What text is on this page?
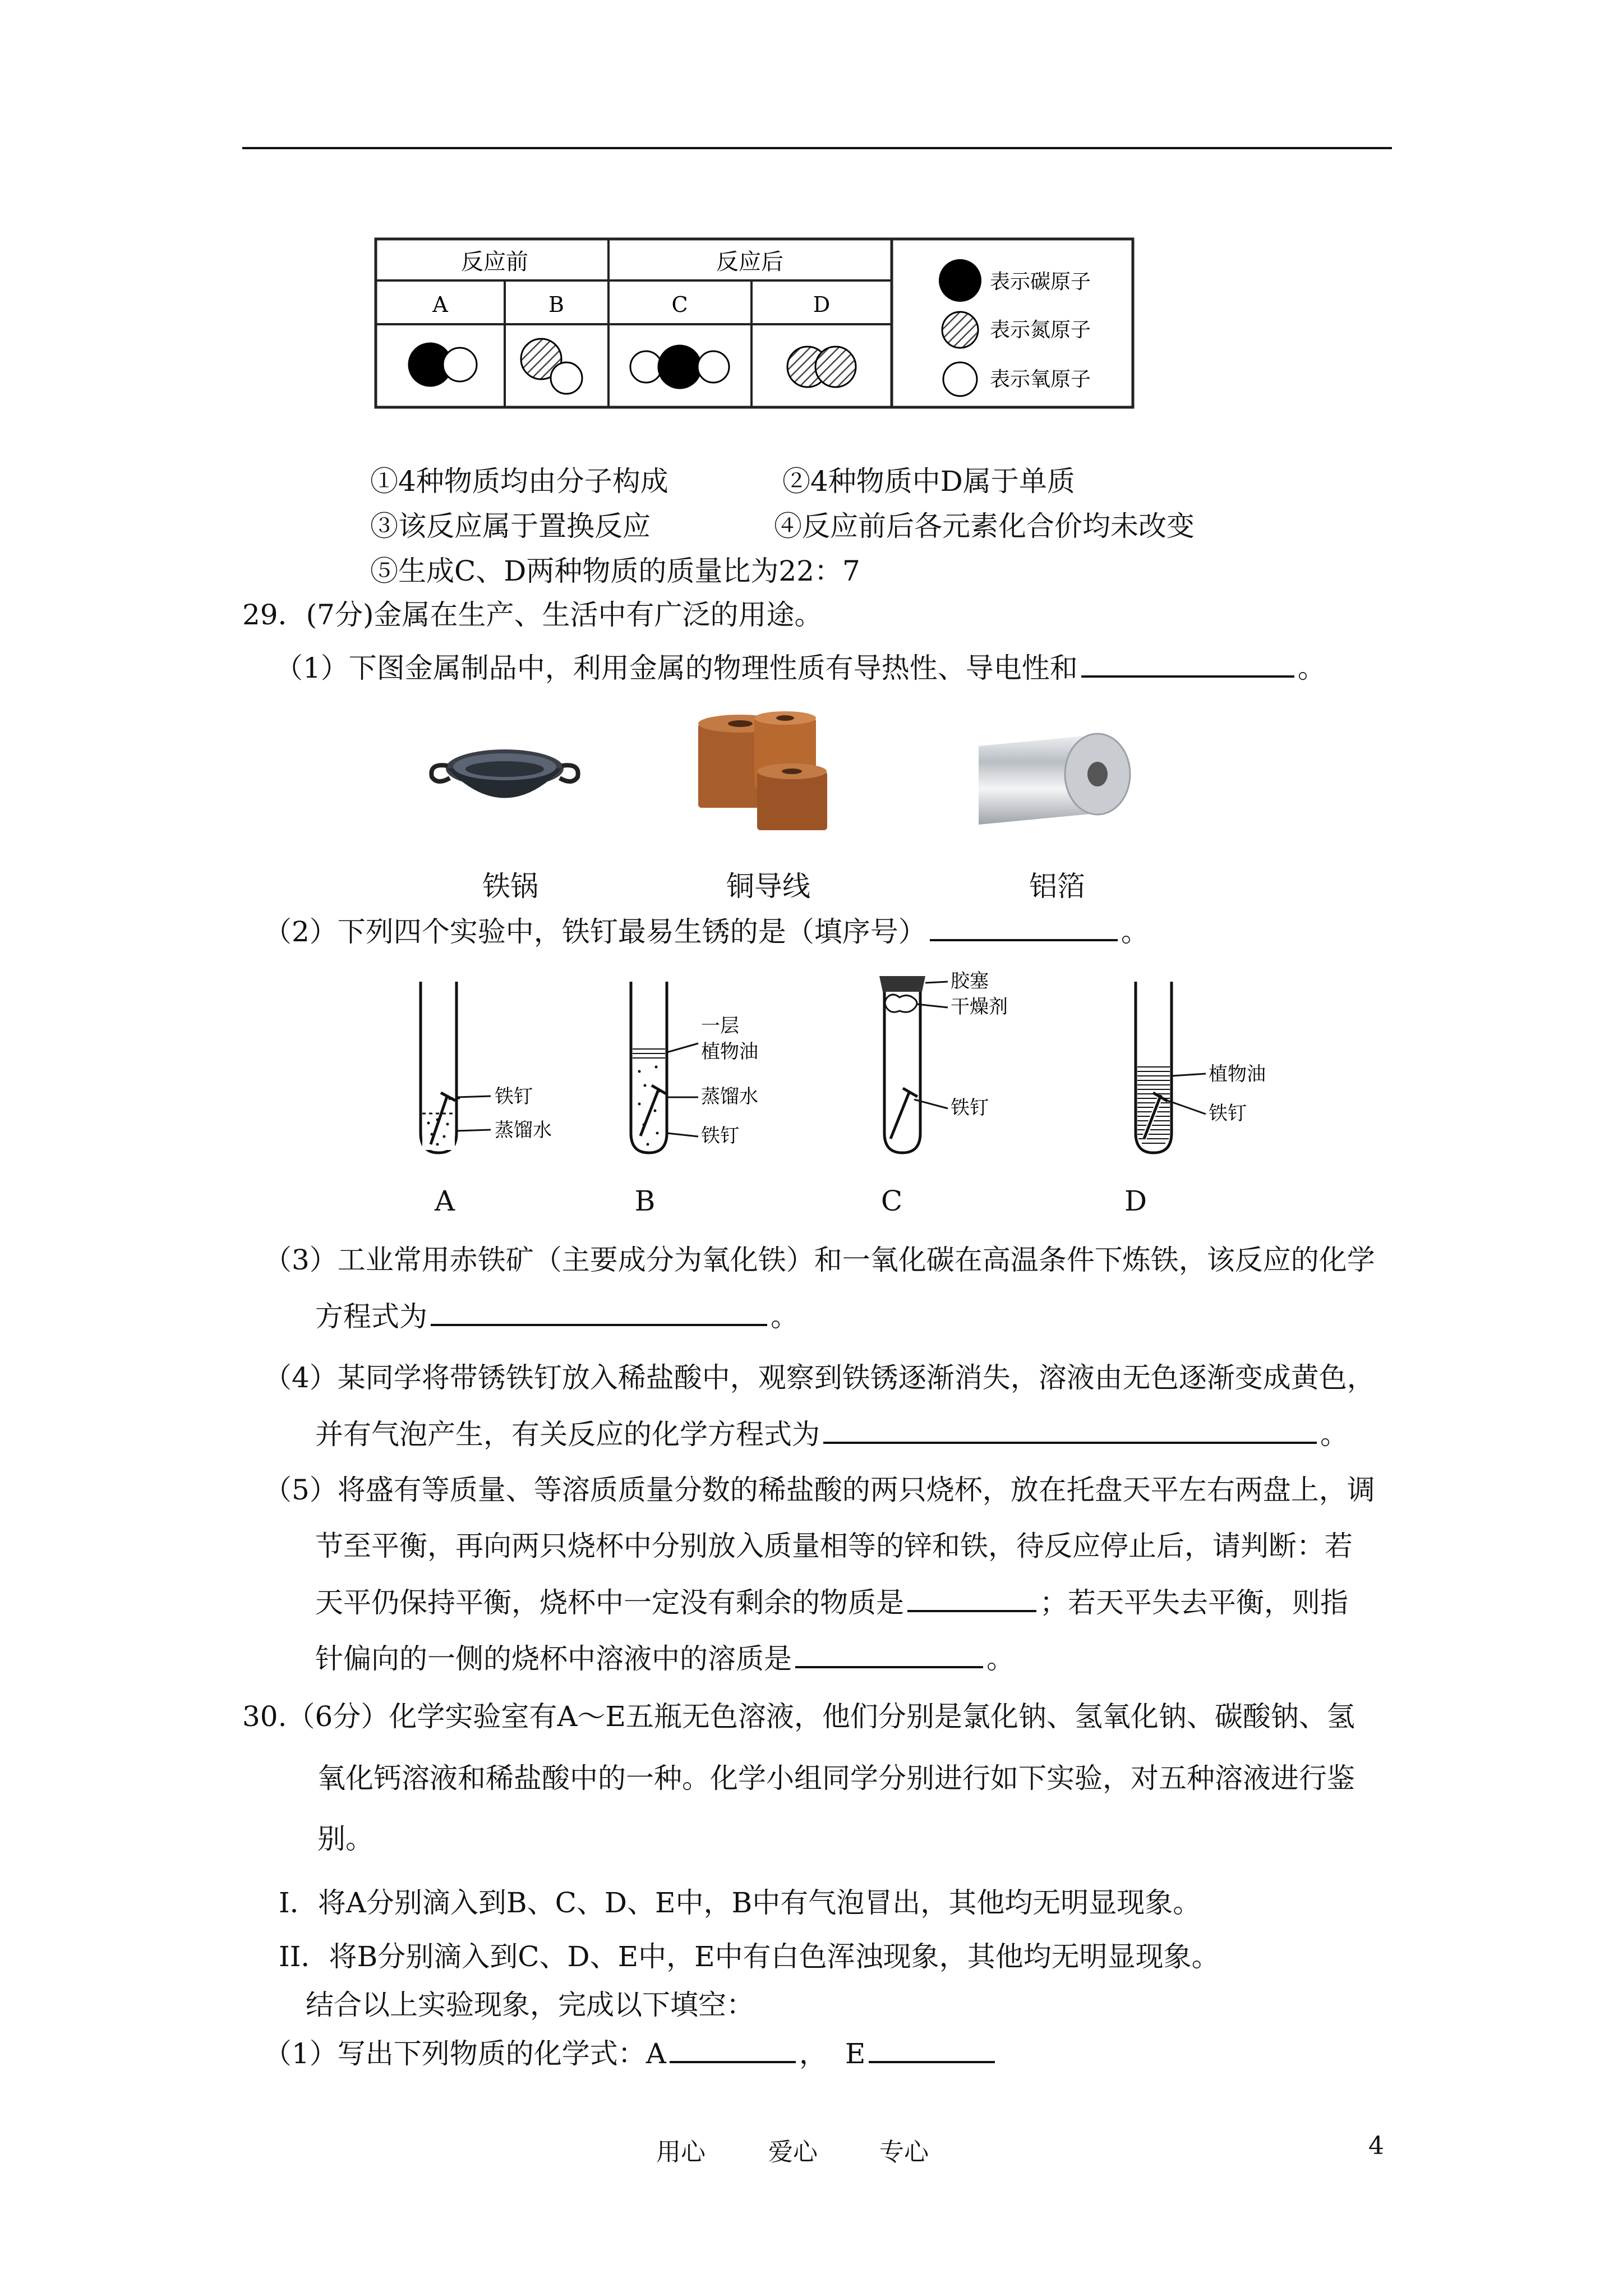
反应前	反应后
A	B	C	D
表示碳原子
表示氮原子
表示氧原子
①4种物质均由分子构成	②4种物质中D属于单质
③该反应属于置换反应	④反应前后各元素化合价均未改变
⑤生成C、D两种物质的质量比为22：7
29．(7分)金属在生产、生活中有广泛的用途。
（1）下图金属制品中，利用金属的物理性质有导热性、导电性和	。
铁锅	铜导线	铝箔
（2）下列四个实验中，铁钉最易生锈的是（填序号）	。
铁钉
蒸馏水
一层
植物油
蒸馏水
铁钉
胶塞
干燥剂
铁钉
植物油
铁钉
A	B	C	D
（3）工业常用赤铁矿（主要成分为氧化铁）和一氧化碳在高温条件下炼铁，该反应的化学
方程式为	。
（4）某同学将带锈铁钉放入稀盐酸中，观察到铁锈逐渐消失，溶液由无色逐渐变成黄色，
并有气泡产生，有关反应的化学方程式为	。
（5）将盛有等质量、等溶质质量分数的稀盐酸的两只烧杯，放在托盘天平左右两盘上，调
节至平衡，再向两只烧杯中分别放入质量相等的锌和铁，待反应停止后，请判断：若
天平仍保持平衡，烧杯中一定没有剩余的物质是	；若天平失去平衡，则指
针偏向的一侧的烧杯中溶液中的溶质是	。
30.（6分）化学实验室有A～E五瓶无色溶液，他们分别是氯化钠、氢氧化钠、碳酸钠、氢
氧化钙溶液和稀盐酸中的一种。化学小组同学分别进行如下实验，对五种溶液进行鉴
别。
I．将A分别滴入到B、C、D、E中，B中有气泡冒出，其他均无明显现象。
II．将B分别滴入到C、D、E中，E中有白色浑浊现象，其他均无明显现象。
结合以上实验现象，完成以下填空：
（1）写出下列物质的化学式：A	， E
用心	爱心	专心	4
